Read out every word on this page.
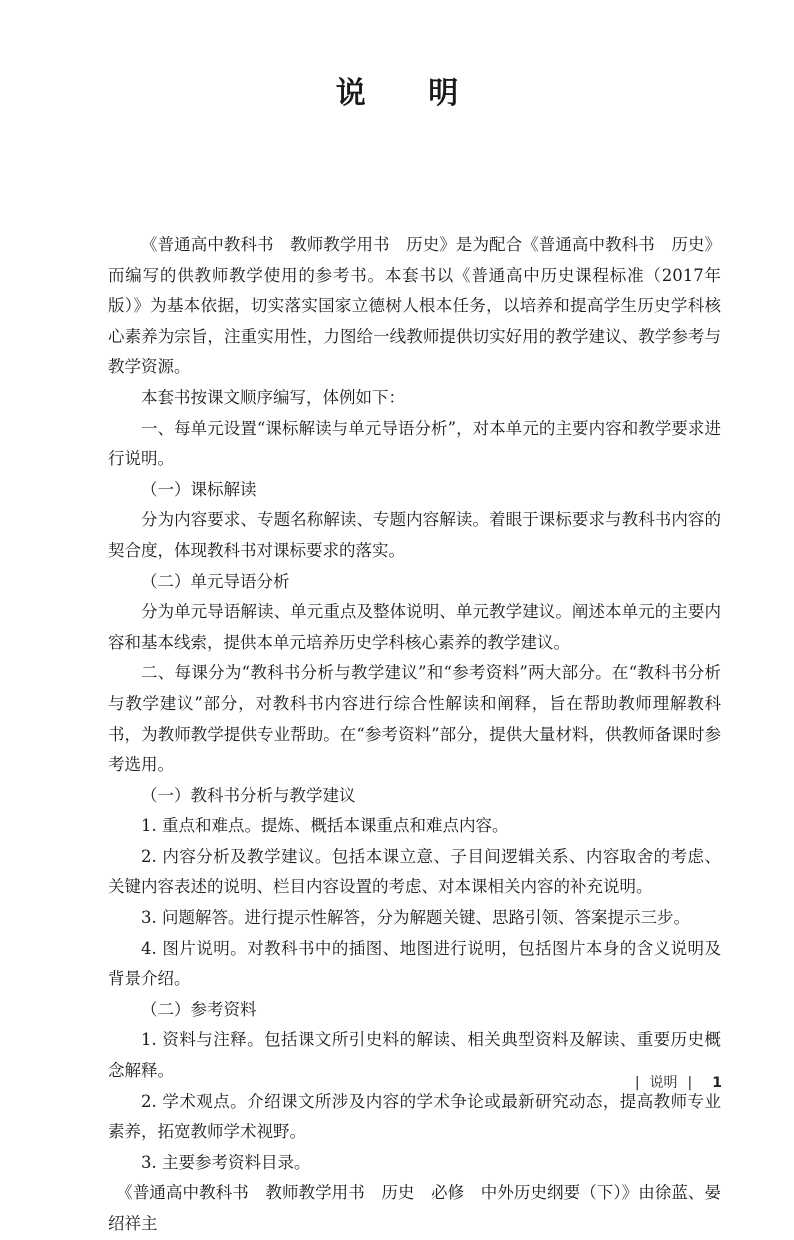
说 明

《普通高中教科书　教师教学用书　历史》是为配合《普通高中教科书　历史》而编写的供教师教学使用的参考书。本套书以《普通高中历史课程标准（2017年版）》为基本依据，切实落实国家立德树人根本任务，以培养和提高学生历史学科核心素养为宗旨，注重实用性，力图给一线教师提供切实好用的教学建议、教学参考与教学资源。

本套书按课文顺序编写，体例如下：

一、每单元设置“课标解读与单元导语分析”，对本单元的主要内容和教学要求进行说明。

（一）课标解读

分为内容要求、专题名称解读、专题内容解读。着眼于课标要求与教科书内容的契合度，体现教科书对课标要求的落实。

（二）单元导语分析

分为单元导语解读、单元重点及整体说明、单元教学建议。阐述本单元的主要内容和基本线索，提供本单元培养历史学科核心素养的教学建议。

二、每课分为“教科书分析与教学建议”和“参考资料”两大部分。在“教科书分析与教学建议”部分，对教科书内容进行综合性解读和阐释，旨在帮助教师理解教科书，为教师教学提供专业帮助。在“参考资料”部分，提供大量材料，供教师备课时参考选用。

（一）教科书分析与教学建议

1. 重点和难点。提炼、概括本课重点和难点内容。

2. 内容分析及教学建议。包括本课立意、子目间逻辑关系、内容取舍的考虑、关键内容表述的说明、栏目内容设置的考虑、对本课相关内容的补充说明。

3. 问题解答。进行提示性解答，分为解题关键、思路引领、答案提示三步。

4. 图片说明。对教科书中的插图、地图进行说明，包括图片本身的含义说明及背景介绍。

（二）参考资料

1. 资料与注释。包括课文所引史料的解读、相关典型资料及解读、重要历史概念解释。

2. 学术观点。介绍课文所涉及内容的学术争论或最新研究动态，提高教师专业素养，拓宽教师学术视野。

3. 主要参考资料目录。

《普通高中教科书　教师教学用书　历史　必修　中外历史纲要（下）》由徐蓝、晏绍祥主

| 说明 | 1
